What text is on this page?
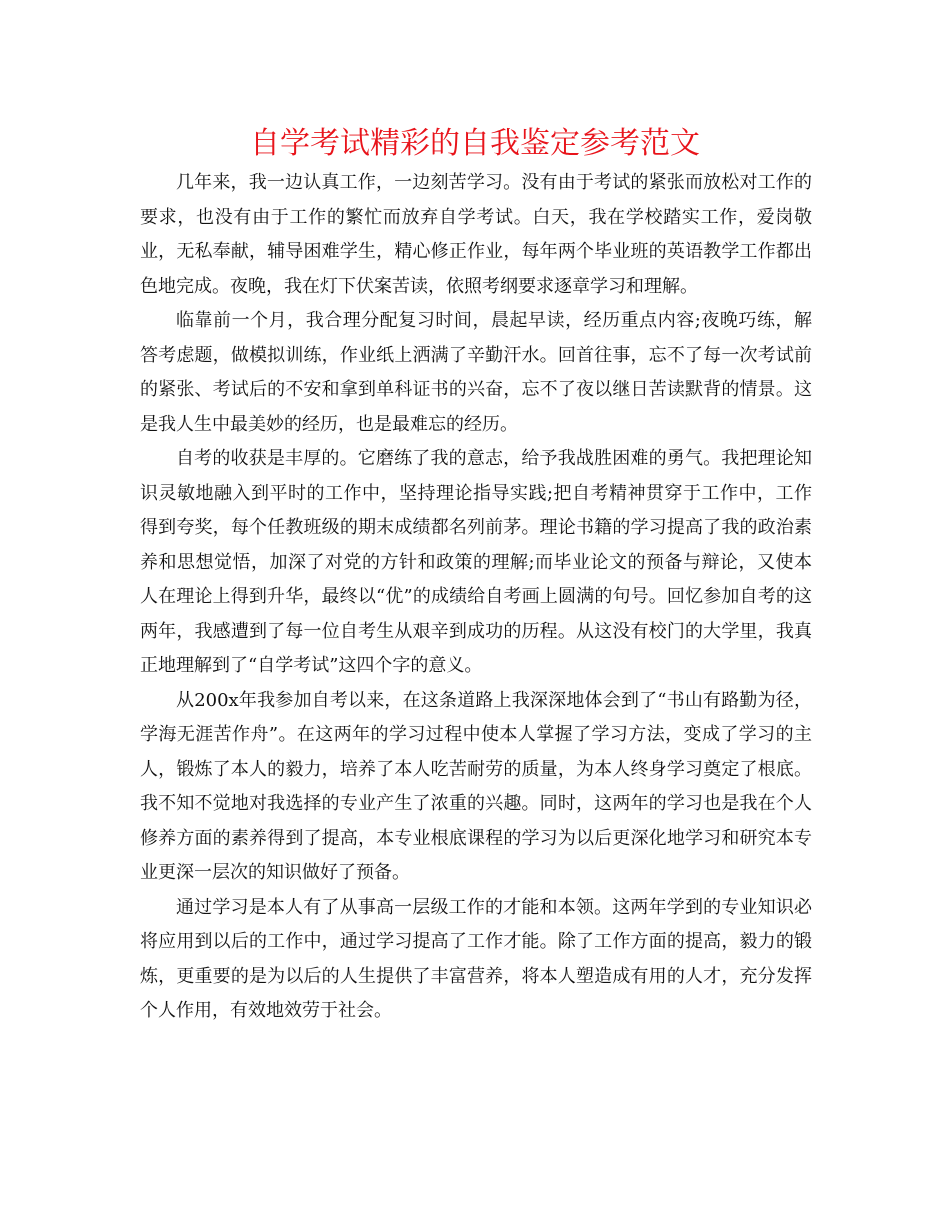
自学考试精彩的自我鉴定参考范文

几年来，我一边认真工作，一边刻苦学习。没有由于考试的紧张而放松对工作的要求，也没有由于工作的繁忙而放弃自学考试。白天，我在学校踏实工作，爱岗敬业，无私奉献，辅导困难学生，精心修正作业，每年两个毕业班的英语教学工作都出色地完成。夜晚，我在灯下伏案苦读，依照考纲要求逐章学习和理解。

临靠前一个月，我合理分配复习时间，晨起早读，经历重点内容;夜晚巧练，解答考虑题，做模拟训练，作业纸上洒满了辛勤汗水。回首往事，忘不了每一次考试前的紧张、考试后的不安和拿到单科证书的兴奋，忘不了夜以继日苦读默背的情景。这是我人生中最美妙的经历，也是最难忘的经历。

自考的收获是丰厚的。它磨练了我的意志，给予我战胜困难的勇气。我把理论知识灵敏地融入到平时的工作中，坚持理论指导实践;把自考精神贯穿于工作中，工作得到夸奖，每个任教班级的期末成绩都名列前茅。理论书籍的学习提高了我的政治素养和思想觉悟，加深了对党的方针和政策的理解;而毕业论文的预备与辩论，又使本人在理论上得到升华，最终以“优”的成绩给自考画上圆满的句号。回忆参加自考的这两年，我感遭到了每一位自考生从艰辛到成功的历程。从这没有校门的大学里，我真正地理解到了“自学考试”这四个字的意义。

从200x年我参加自考以来，在这条道路上我深深地体会到了“书山有路勤为径，学海无涯苦作舟”。在这两年的学习过程中使本人掌握了学习方法，变成了学习的主人，锻炼了本人的毅力，培养了本人吃苦耐劳的质量，为本人终身学习奠定了根底。我不知不觉地对我选择的专业产生了浓重的兴趣。同时，这两年的学习也是我在个人修养方面的素养得到了提高，本专业根底课程的学习为以后更深化地学习和研究本专业更深一层次的知识做好了预备。

通过学习是本人有了从事高一层级工作的才能和本领。这两年学到的专业知识必将应用到以后的工作中，通过学习提高了工作才能。除了工作方面的提高，毅力的锻炼，更重要的是为以后的人生提供了丰富营养，将本人塑造成有用的人才，充分发挥个人作用，有效地效劳于社会。
